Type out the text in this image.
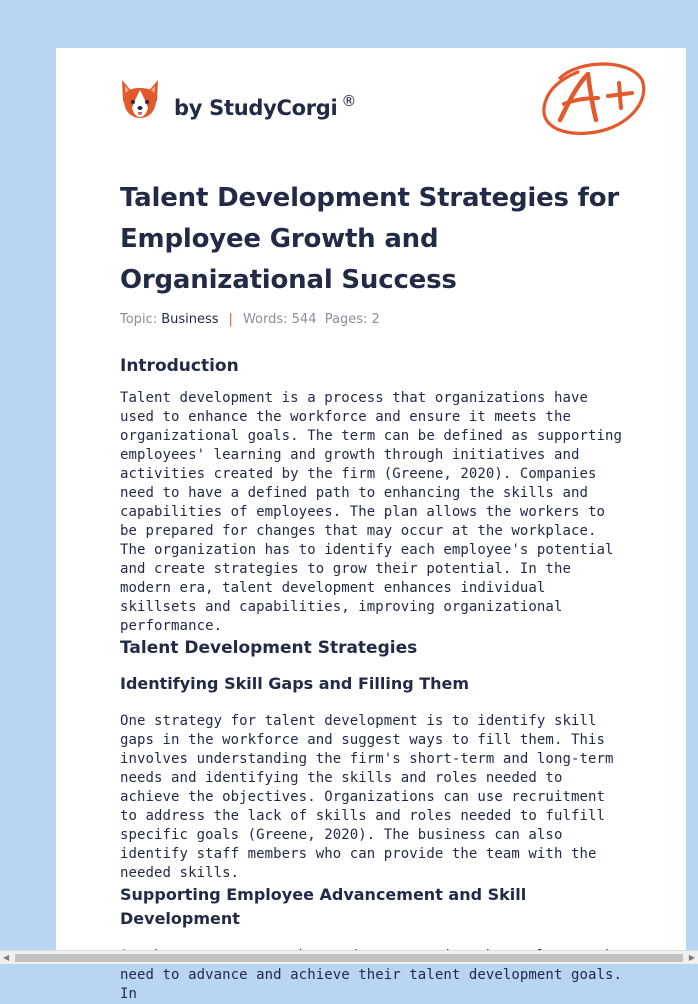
by StudyCorgi ®
Talent Development Strategies for Employee Growth and Organizational Success
Topic: Business | Words: 544 Pages: 2
Introduction

Talent development is a process that organizations have used to enhance the workforce and ensure it meets the organizational goals. The term can be defined as supporting employees' learning and growth through initiatives and activities created by the firm (Greene, 2020). Companies need to have a defined path to enhancing the skills and capabilities of employees. The plan allows the workers to be prepared for changes that may occur at the workplace. The organization has to identify each employee's potential and create strategies to grow their potential. In the modern era, talent development enhances individual skillsets and capabilities, improving organizational performance.

Talent Development Strategies
Identifying Skill Gaps and Filling Them

One strategy for talent development is to identify skill gaps in the workforce and suggest ways to fill them. This involves understanding the firm's short-term and long-term needs and identifying the skills and roles needed to achieve the objectives. Organizations can use recruitment to address the lack of skills and roles needed to fulfill specific goals (Greene, 2020). The business can also identify staff members who can provide the team with the needed skills.

Supporting Employee Advancement and Skill Development

need to advance and achieve their talent development goals. In

◀	▶
